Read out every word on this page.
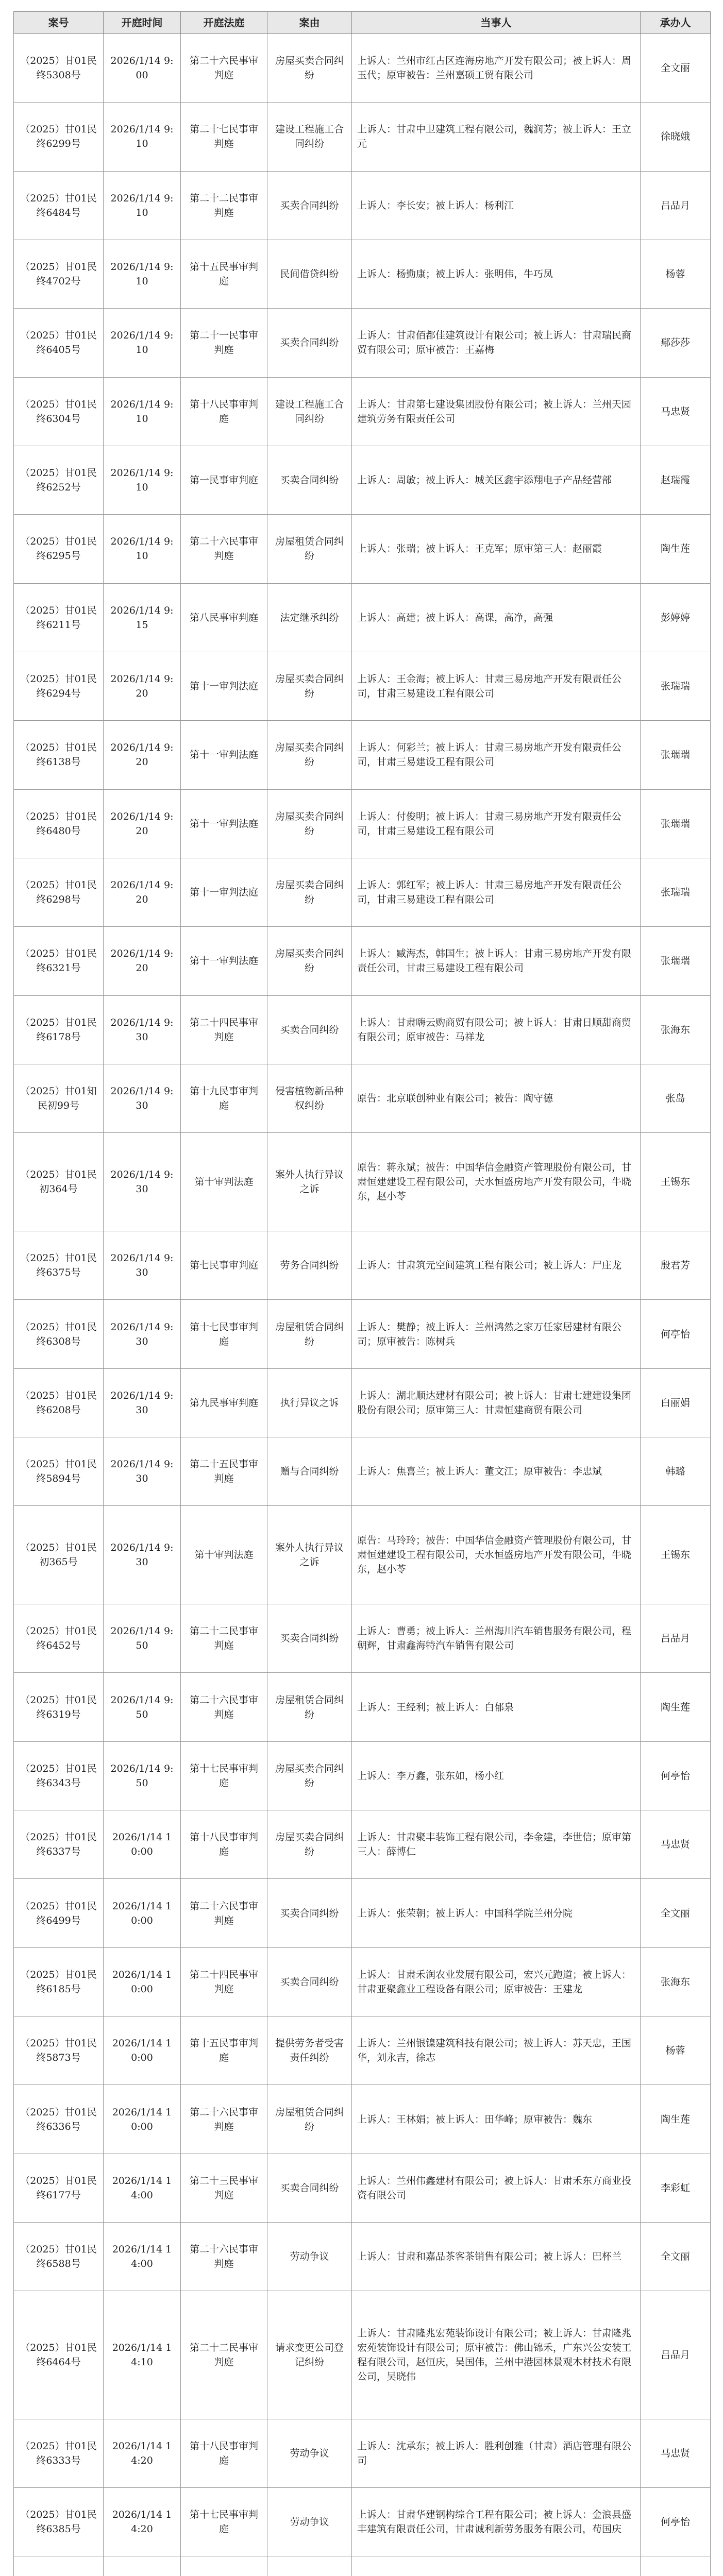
案号	开庭时间	开庭法庭	案由	当事人	承办人
（2025）甘01民终5308号	2026/1/14 9:00	第二十六民事审判庭	房屋买卖合同纠纷	上诉人：兰州市红古区连海房地产开发有限公司；被上诉人：周玉代；原审被告：兰州嘉硕工贸有限公司	全文丽
（2025）甘01民终6299号	2026/1/14 9:10	第二十七民事审判庭	建设工程施工合同纠纷	上诉人：甘肃中卫建筑工程有限公司，魏润芳；被上诉人：王立元	徐晓娥
（2025）甘01民终6484号	2026/1/14 9:10	第二十二民事审判庭	买卖合同纠纷	上诉人：李长安；被上诉人：杨利江	吕品月
（2025）甘01民终4702号	2026/1/14 9:10	第十五民事审判庭	民间借贷纠纷	上诉人：杨勤康；被上诉人：张明伟，牛巧凤	杨蓉
（2025）甘01民终6405号	2026/1/14 9:10	第二十一民事审判庭	买卖合同纠纷	上诉人：甘肃佰都佳建筑设计有限公司；被上诉人：甘肃瑞民商贸有限公司；原审被告：王嘉梅	鄢莎莎
（2025）甘01民终6304号	2026/1/14 9:10	第十八民事审判庭	建设工程施工合同纠纷	上诉人：甘肃第七建设集团股份有限公司；被上诉人：兰州天园建筑劳务有限责任公司	马忠贤
（2025）甘01民终6252号	2026/1/14 9:10	第一民事审判庭	买卖合同纠纷	上诉人：周敏；被上诉人：城关区鑫宇添翔电子产品经营部	赵瑞霞
（2025）甘01民终6295号	2026/1/14 9:10	第二十六民事审判庭	房屋租赁合同纠纷	上诉人：张瑞；被上诉人：王克军；原审第三人：赵丽霞	陶生莲
（2025）甘01民终6211号	2026/1/14 9:15	第八民事审判庭	法定继承纠纷	上诉人：高建；被上诉人：高课，高净，高强	彭婷婷
（2025）甘01民终6294号	2026/1/14 9:20	第十一审判法庭	房屋买卖合同纠纷	上诉人：王金海；被上诉人：甘肃三易房地产开发有限责任公司，甘肃三易建设工程有限公司	张瑞瑞
（2025）甘01民终6138号	2026/1/14 9:20	第十一审判法庭	房屋买卖合同纠纷	上诉人：何彩兰；被上诉人：甘肃三易房地产开发有限责任公司，甘肃三易建设工程有限公司	张瑞瑞
（2025）甘01民终6480号	2026/1/14 9:20	第十一审判法庭	房屋买卖合同纠纷	上诉人：付俊明；被上诉人：甘肃三易房地产开发有限责任公司，甘肃三易建设工程有限公司	张瑞瑞
（2025）甘01民终6298号	2026/1/14 9:20	第十一审判法庭	房屋买卖合同纠纷	上诉人：郭红军；被上诉人：甘肃三易房地产开发有限责任公司，甘肃三易建设工程有限公司	张瑞瑞
（2025）甘01民终6321号	2026/1/14 9:20	第十一审判法庭	房屋买卖合同纠纷	上诉人：臧海杰，韩国生；被上诉人：甘肃三易房地产开发有限责任公司，甘肃三易建设工程有限公司	张瑞瑞
（2025）甘01民终6178号	2026/1/14 9:30	第二十四民事审判庭	买卖合同纠纷	上诉人：甘肃嗨云购商贸有限公司；被上诉人：甘肃日顺甜商贸有限公司；原审被告：马祥龙	张海东
（2025）甘01知民初99号	2026/1/14 9:30	第十九民事审判庭	侵害植物新品种权纠纷	原告：北京联创种业有限公司；被告：陶守德	张岛
（2025）甘01民初364号	2026/1/14 9:30	第十审判法庭	案外人执行异议之诉	原告：蒋永斌；被告：中国华信金融资产管理股份有限公司，甘肃恒建建设工程有限公司，天水恒盛房地产开发有限公司，牛晓东，赵小苓	王锡东
（2025）甘01民终6375号	2026/1/14 9:30	第七民事审判庭	劳务合同纠纷	上诉人：甘肃筑元空间建筑工程有限公司；被上诉人：尸庄龙	殷君芳
（2025）甘01民终6308号	2026/1/14 9:30	第十七民事审判庭	房屋租赁合同纠纷	上诉人：樊静；被上诉人：兰州鸿然之家万任家居建材有限公司；原审被告：陈树兵	何亭怡
（2025）甘01民终6208号	2026/1/14 9:30	第九民事审判庭	执行异议之诉	上诉人：湖北顺达建材有限公司；被上诉人：甘肃七建建设集团股份有限公司；原审第三人：甘肃恒建商贸有限公司	白丽娟
（2025）甘01民终5894号	2026/1/14 9:30	第二十五民事审判庭	赠与合同纠纷	上诉人：焦喜兰；被上诉人：董文江；原审被告：李忠斌	韩璐
（2025）甘01民初365号	2026/1/14 9:30	第十审判法庭	案外人执行异议之诉	原告：马玲玲；被告：中国华信金融资产管理股份有限公司，甘肃恒建建设工程有限公司，天水恒盛房地产开发有限公司，牛晓东，赵小苓	王锡东
（2025）甘01民终6452号	2026/1/14 9:50	第二十二民事审判庭	买卖合同纠纷	上诉人：曹勇；被上诉人：兰州海川汽车销售服务有限公司，程朝辉，甘肃鑫海特汽车销售有限公司	吕品月
（2025）甘01民终6319号	2026/1/14 9:50	第二十六民事审判庭	房屋租赁合同纠纷	上诉人：王经利；被上诉人：白郁泉	陶生莲
（2025）甘01民终6343号	2026/1/14 9:50	第十七民事审判庭	房屋买卖合同纠纷	上诉人：李万鑫，张东如，杨小红	何亭怡
（2025）甘01民终6337号	2026/1/14 10:00	第十八民事审判庭	房屋买卖合同纠纷	上诉人：甘肃聚丰装饰工程有限公司，李金建，李世信；原审第三人：薛博仁	马忠贤
（2025）甘01民终6499号	2026/1/14 10:00	第二十六民事审判庭	买卖合同纠纷	上诉人：张荣朝；被上诉人：中国科学院兰州分院	全文丽
（2025）甘01民终6185号	2026/1/14 10:00	第二十四民事审判庭	买卖合同纠纷	上诉人：甘肃禾润农业发展有限公司，宏兴元跑道；被上诉人：甘肃亚聚鑫业工程设备有限公司；原审被告：王建龙	张海东
（2025）甘01民终5873号	2026/1/14 10:00	第十五民事审判庭	提供劳务者受害责任纠纷	上诉人：兰州银镍建筑科技有限公司；被上诉人：苏天忠，王国华，刘永吉，徐志	杨蓉
（2025）甘01民终6336号	2026/1/14 10:00	第二十六民事审判庭	房屋租赁合同纠纷	上诉人：王林娟；被上诉人：田华峰；原审被告：魏东	陶生莲
（2025）甘01民终6177号	2026/1/14 14:00	第二十三民事审判庭	买卖合同纠纷	上诉人：兰州伟鑫建材有限公司；被上诉人：甘肃禾东方商业投资有限公司	李彩虹
（2025）甘01民终6588号	2026/1/14 14:00	第二十六民事审判庭	劳动争议	上诉人：甘肃和嘉品茶客茶销售有限公司；被上诉人：巴杯兰	全文丽
（2025）甘01民终6464号	2026/1/14 14:10	第二十二民事审判庭	请求变更公司登记纠纷	上诉人：甘肃隆兆宏苑装饰设计有限公司；被上诉人：甘肃隆兆宏苑装饰设计有限公司；原审被告：佛山锦禾，广东兴公安装工程有限公司，赵恒庆，吴国伟，兰州中港园林景观木材技术有限公司，吴晓伟	吕品月
（2025）甘01民终6333号	2026/1/14 14:20	第十八民事审判庭	劳动争议	上诉人：沈承东；被上诉人：胜利创雅（甘肃）酒店管理有限公司	马忠贤
（2025）甘01民终6385号	2026/1/14 14:20	第十七民事审判庭	劳动争议	上诉人：甘肃华建钢构综合工程有限公司；被上诉人：金浪县盛丰建筑有限责任公司，甘肃诚利新劳务服务有限公司，苟国庆	何亭怡
